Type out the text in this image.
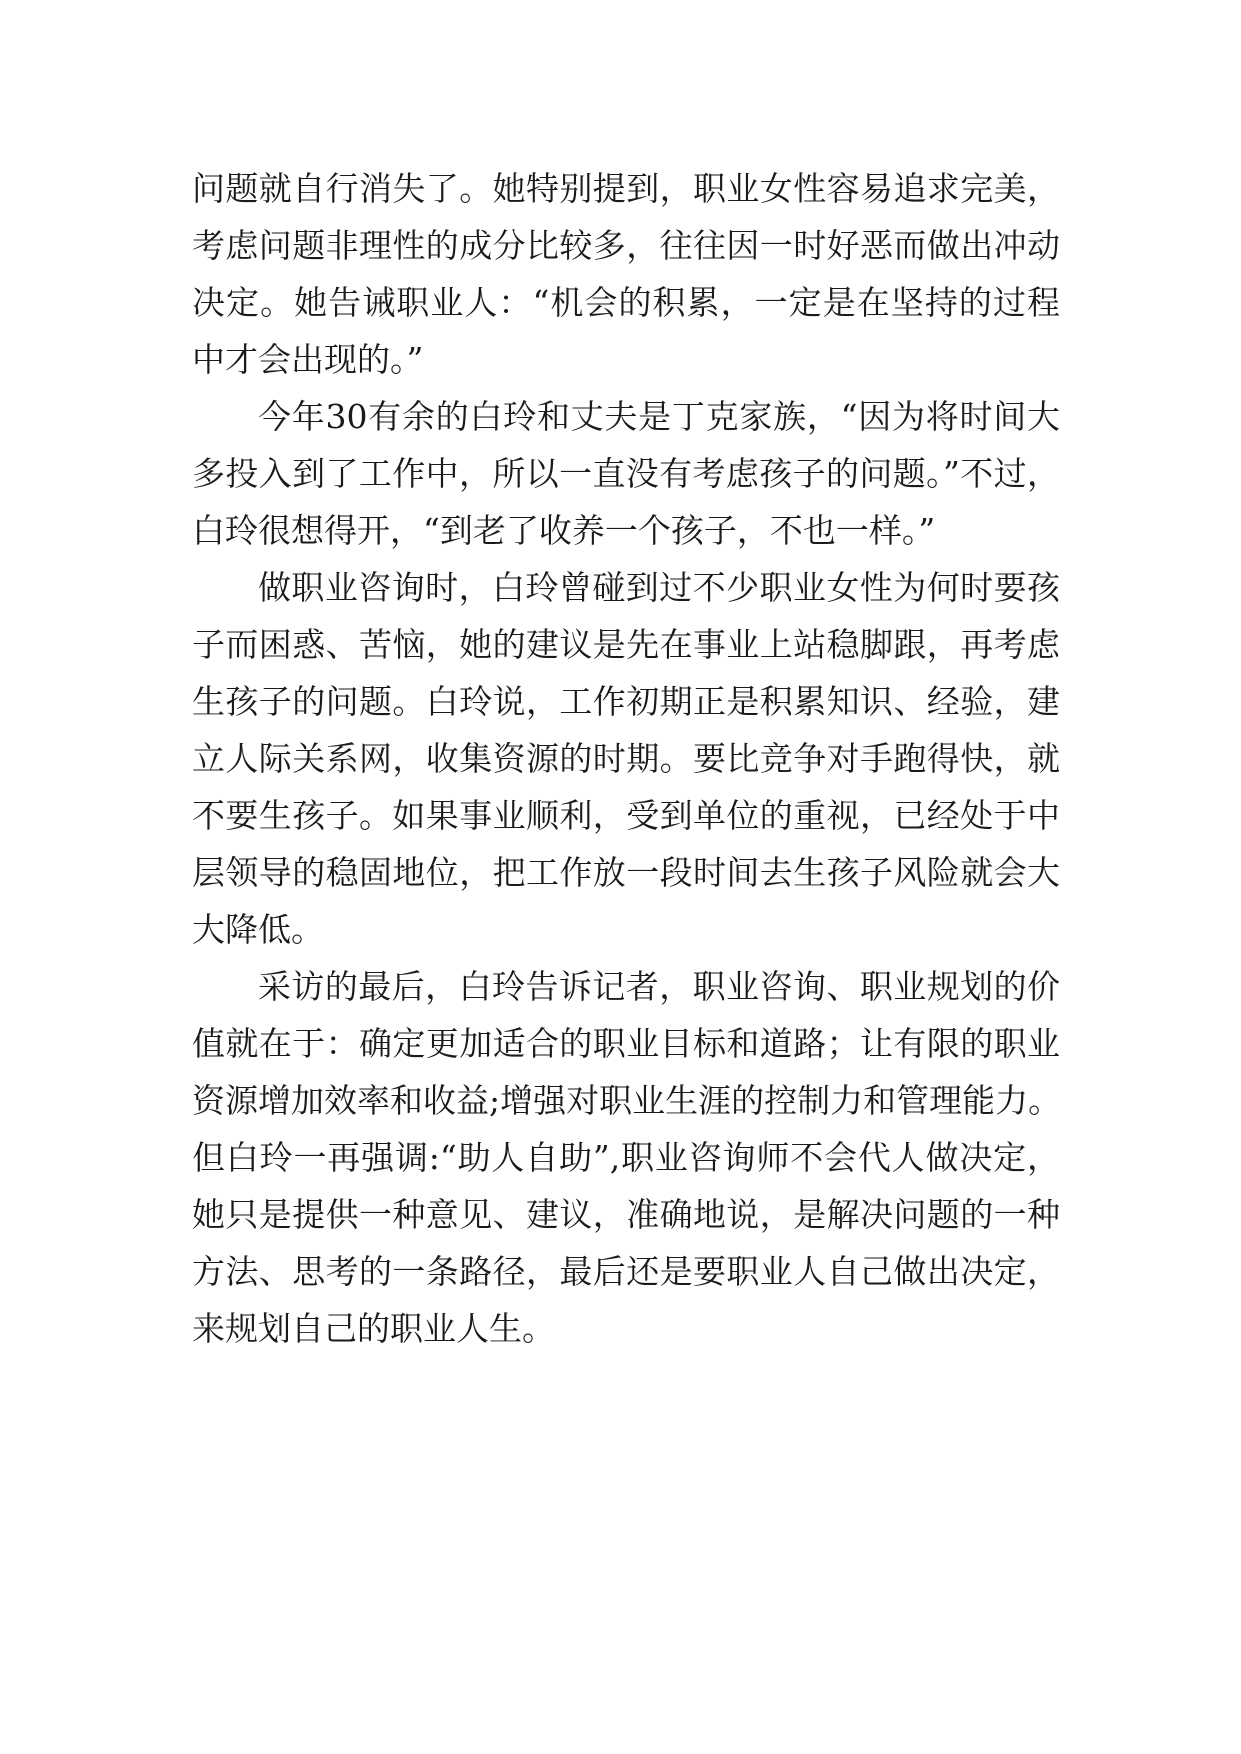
问题就自行消失了。她特别提到，职业女性容易追求完美，
考虑问题非理性的成分比较多，往往因一时好恶而做出冲动
决定。她告诫职业人：“机会的积累，一定是在坚持的过程
中才会出现的。”
今年30有余的白玲和丈夫是丁克家族，“因为将时间大
多投入到了工作中，所以一直没有考虑孩子的问题。”不过，
白玲很想得开，“到老了收养一个孩子，不也一样。”
做职业咨询时，白玲曾碰到过不少职业女性为何时要孩
子而困惑、苦恼，她的建议是先在事业上站稳脚跟，再考虑
生孩子的问题。白玲说，工作初期正是积累知识、经验，建
立人际关系网，收集资源的时期。要比竞争对手跑得快，就
不要生孩子。如果事业顺利，受到单位的重视，已经处于中
层领导的稳固地位，把工作放一段时间去生孩子风险就会大
大降低。
采访的最后，白玲告诉记者，职业咨询、职业规划的价
值就在于：确定更加适合的职业目标和道路；让有限的职业
资源增加效率和收益;增强对职业生涯的控制力和管理能力。
但白玲一再强调:“助人自助”,职业咨询师不会代人做决定，
她只是提供一种意见、建议，准确地说，是解决问题的一种
方法、思考的一条路径，最后还是要职业人自己做出决定，
来规划自己的职业人生。
